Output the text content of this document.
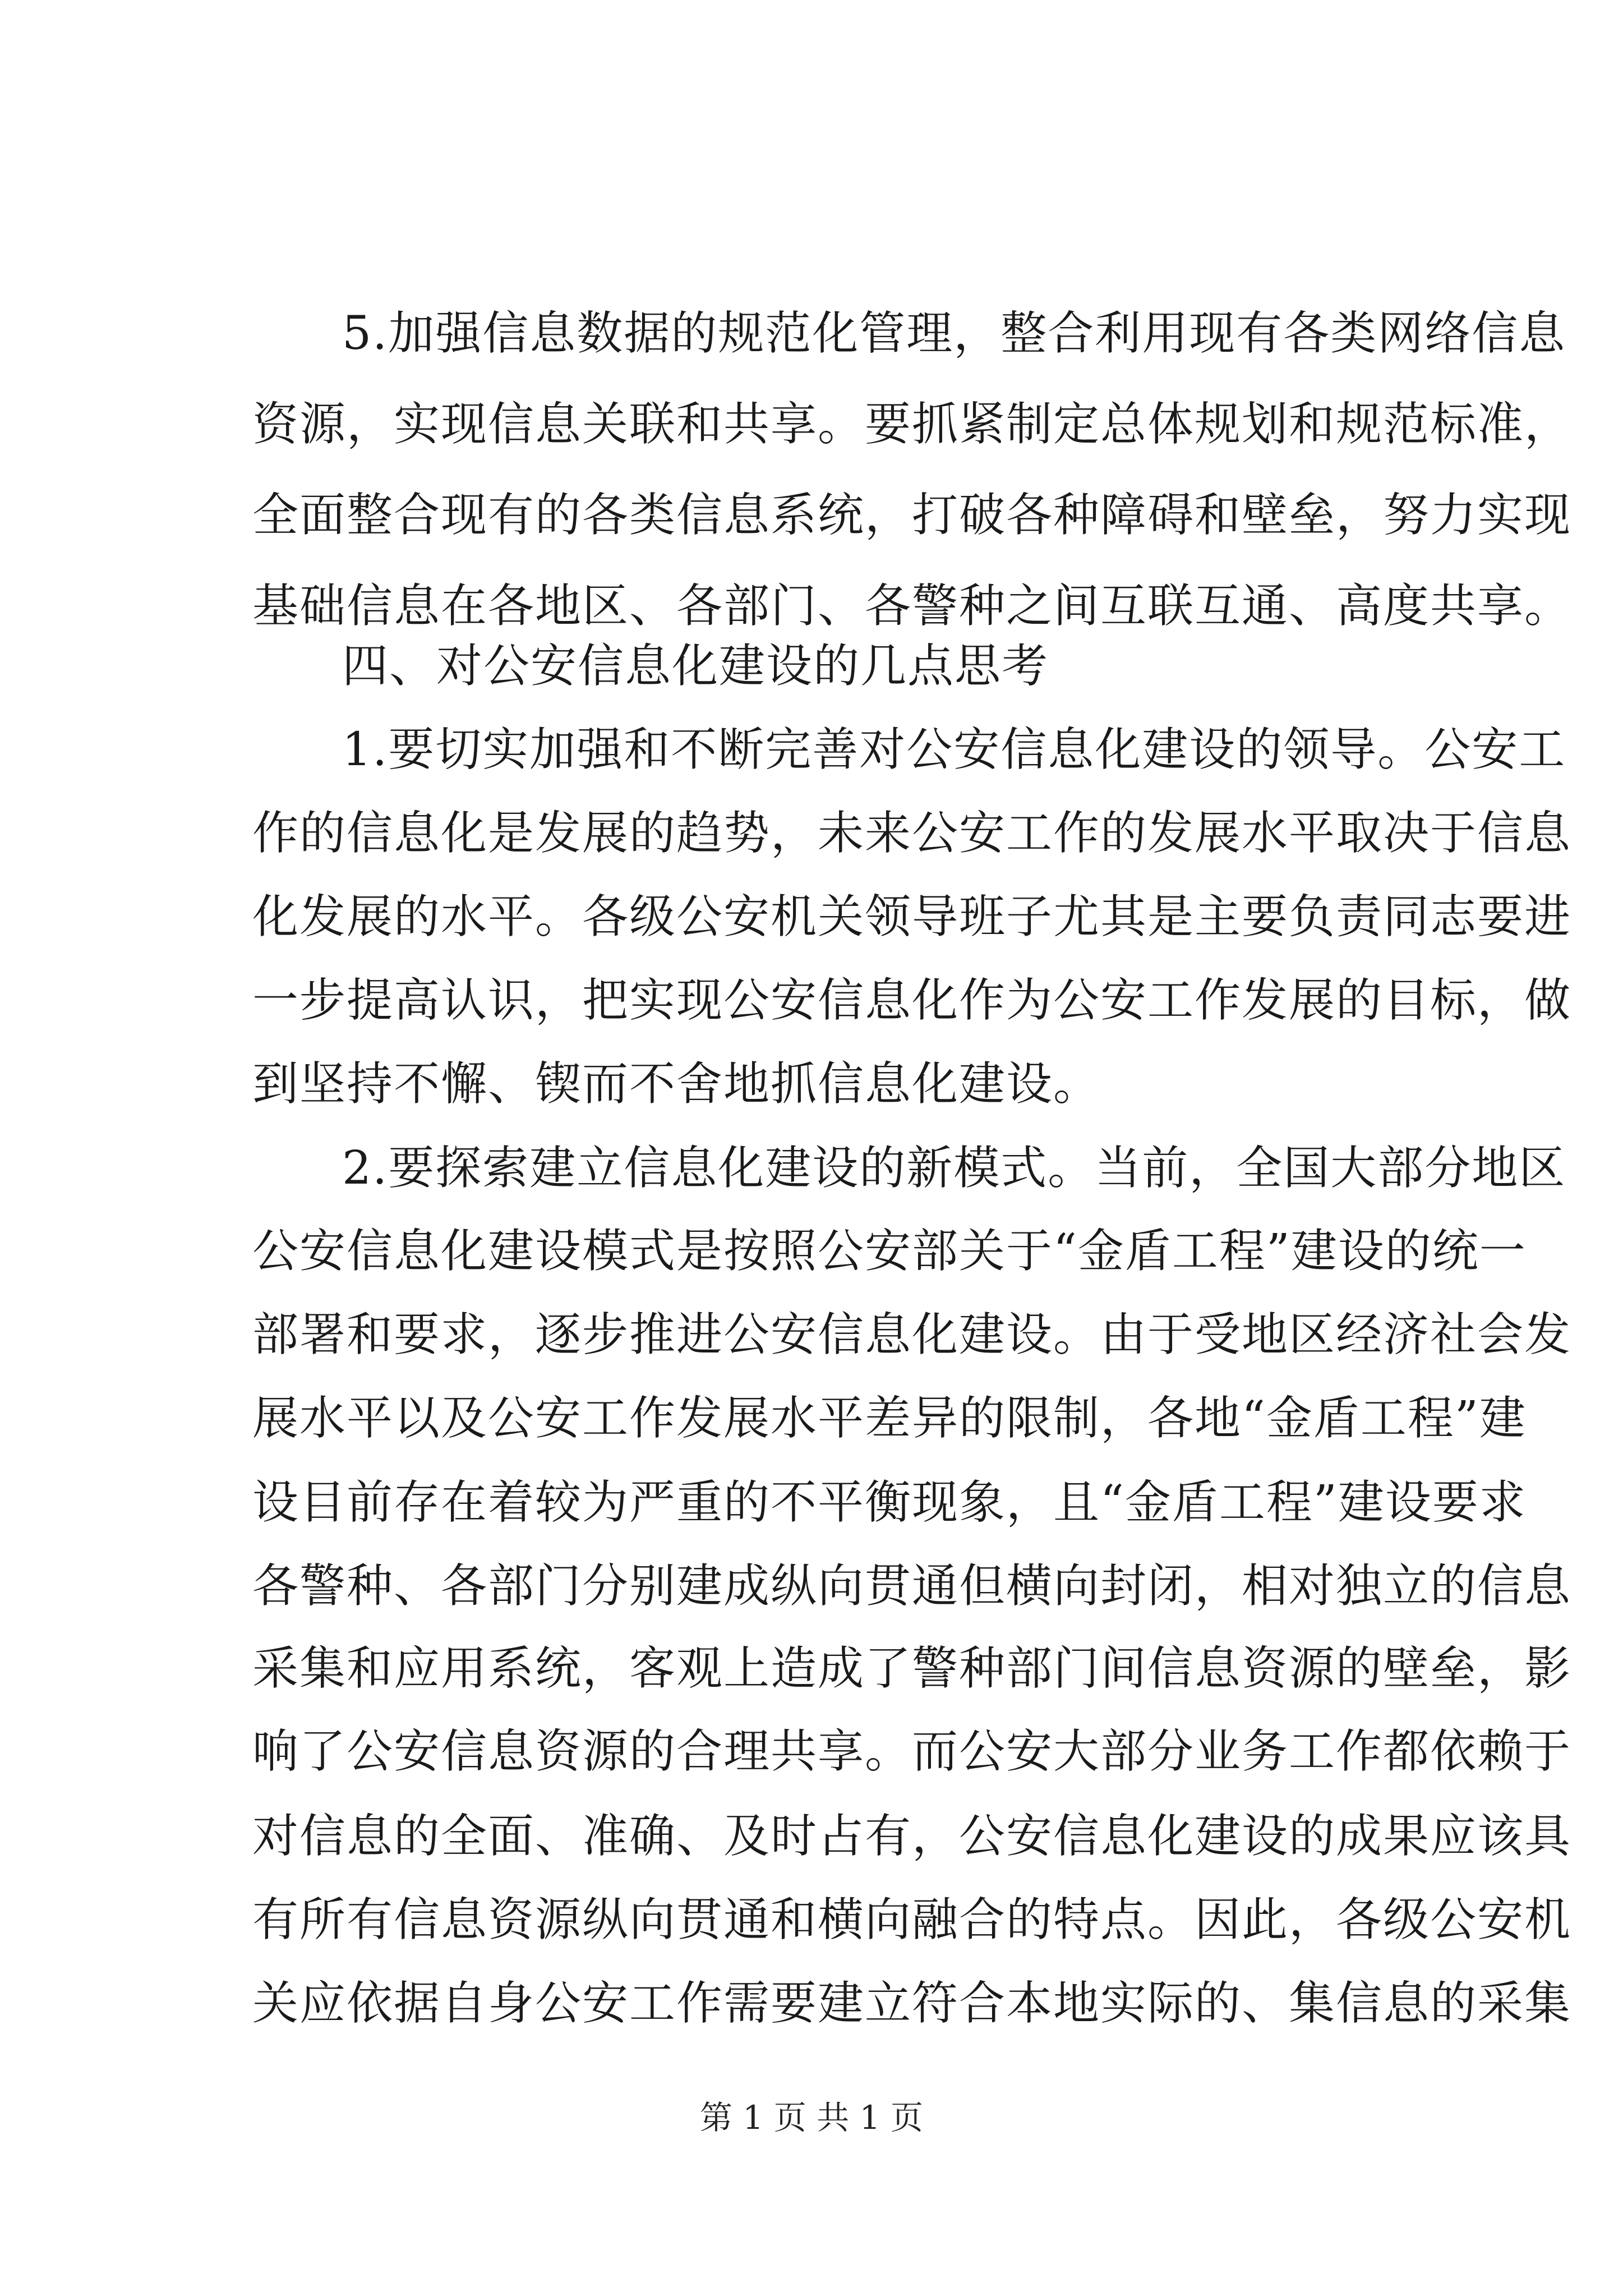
5.加强信息数据的规范化管理，整合利用现有各类网络信息
资源，实现信息关联和共享。要抓紧制定总体规划和规范标准，
全面整合现有的各类信息系统，打破各种障碍和壁垒，努力实现
基础信息在各地区、各部门、各警种之间互联互通、高度共享。
四、对公安信息化建设的几点思考
1.要切实加强和不断完善对公安信息化建设的领导。公安工
作的信息化是发展的趋势，未来公安工作的发展水平取决于信息
化发展的水平。各级公安机关领导班子尤其是主要负责同志要进
一步提高认识，把实现公安信息化作为公安工作发展的目标，做
到坚持不懈、锲而不舍地抓信息化建设。
2.要探索建立信息化建设的新模式。当前，全国大部分地区
公安信息化建设模式是按照公安部关于“金盾工程”建设的统一
部署和要求，逐步推进公安信息化建设。由于受地区经济社会发
展水平以及公安工作发展水平差异的限制，各地“金盾工程”建
设目前存在着较为严重的不平衡现象，且“金盾工程”建设要求
各警种、各部门分别建成纵向贯通但横向封闭，相对独立的信息
采集和应用系统，客观上造成了警种部门间信息资源的壁垒，影
响了公安信息资源的合理共享。而公安大部分业务工作都依赖于
对信息的全面、准确、及时占有，公安信息化建设的成果应该具
有所有信息资源纵向贯通和横向融合的特点。因此，各级公安机
关应依据自身公安工作需要建立符合本地实际的、集信息的采集
第 1 页 共 1 页
